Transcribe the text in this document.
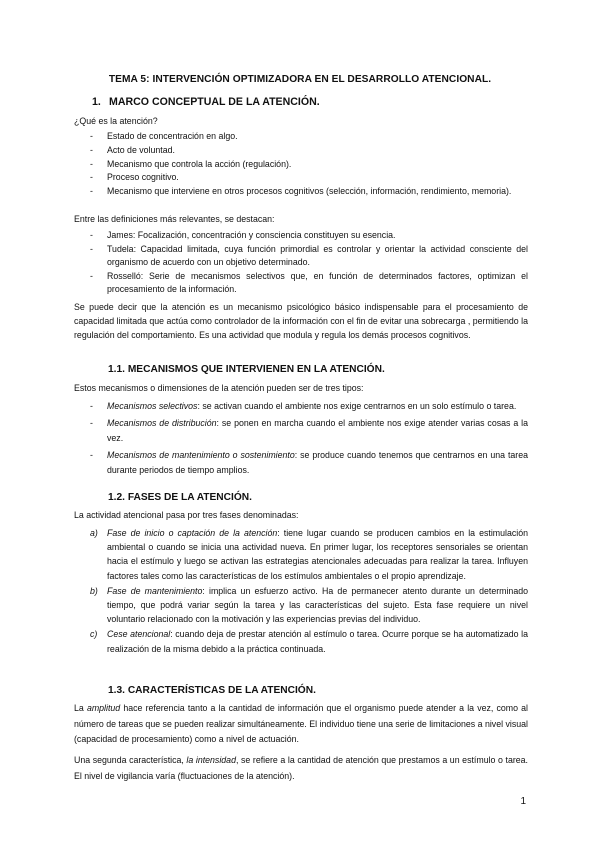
TEMA 5: INTERVENCIÓN OPTIMIZADORA EN EL DESARROLLO ATENCIONAL.
1. MARCO CONCEPTUAL DE LA ATENCIÓN.
¿Qué es la atención?
- Estado de concentración en algo.
- Acto de voluntad.
- Mecanismo que controla la acción (regulación).
- Proceso cognitivo.
- Mecanismo que interviene en otros procesos cognitivos (selección, información, rendimiento, memoria).

Entre las definiciones más relevantes, se destacan:

- James: Focalización, concentración y consciencia constituyen su esencia.
- Tudela: Capacidad limitada, cuya función primordial es controlar y orientar la actividad consciente del organismo de acuerdo con un objetivo determinado.
- Rosselló: Serie de mecanismos selectivos que, en función de determinados factores, optimizan el procesamiento de la información.

Se puede decir que la atención es un mecanismo psicológico básico indispensable para el procesamiento de capacidad limitada que actúa como controlador de la información con el fin de evitar una sobrecarga , permitiendo la regulación del comportamiento. Es una actividad que modula y regula los demás procesos cognitivos.

1.1. MECANISMOS QUE INTERVIENEN EN LA ATENCIÓN.

Estos mecanismos o dimensiones de la atención pueden ser de tres tipos:

- Mecanismos selectivos: se activan cuando el ambiente nos exige centrarnos en un solo estímulo o tarea.
- Mecanismos de distribución: se ponen en marcha cuando el ambiente nos exige atender varias cosas a la vez.
- Mecanismos de mantenimiento o sostenimiento: se produce cuando tenemos que centrarnos en una tarea durante periodos de tiempo amplios.
1.2. FASES DE LA ATENCIÓN.

La actividad atencional pasa por tres fases denominadas:

a) Fase de inicio o captación de la atención: tiene lugar cuando se producen cambios en la estimulación ambiental o cuando se inicia una actividad nueva. En primer lugar, los receptores sensoriales se orientan hacia el estímulo y luego se activan las estrategias atencionales adecuadas para realizar la tarea. Influyen factores tales como las características de los estímulos ambientales o el propio aprendizaje.
b) Fase de mantenimiento: implica un esfuerzo activo. Ha de permanecer atento durante un determinado tiempo, que podrá variar según la tarea y las características del sujeto. Esta fase requiere un nivel voluntario relacionado con la motivación y las experiencias previas del individuo.
c) Cese atencional: cuando deja de prestar atención al estímulo o tarea. Ocurre porque se ha automatizado la realización de la misma debido a la práctica continuada.
1.3. CARACTERÍSTICAS DE LA ATENCIÓN.

La amplitud hace referencia tanto a la cantidad de información que el organismo puede atender a la vez, como al número de tareas que se pueden realizar simultáneamente. El individuo tiene una serie de limitaciones a nivel visual (capacidad de procesamiento) como a nivel de actuación.

Una segunda característica, la intensidad, se refiere a la cantidad de atención que prestamos a un estímulo o tarea. El nivel de vigilancia varía (fluctuaciones de la atención).

1
